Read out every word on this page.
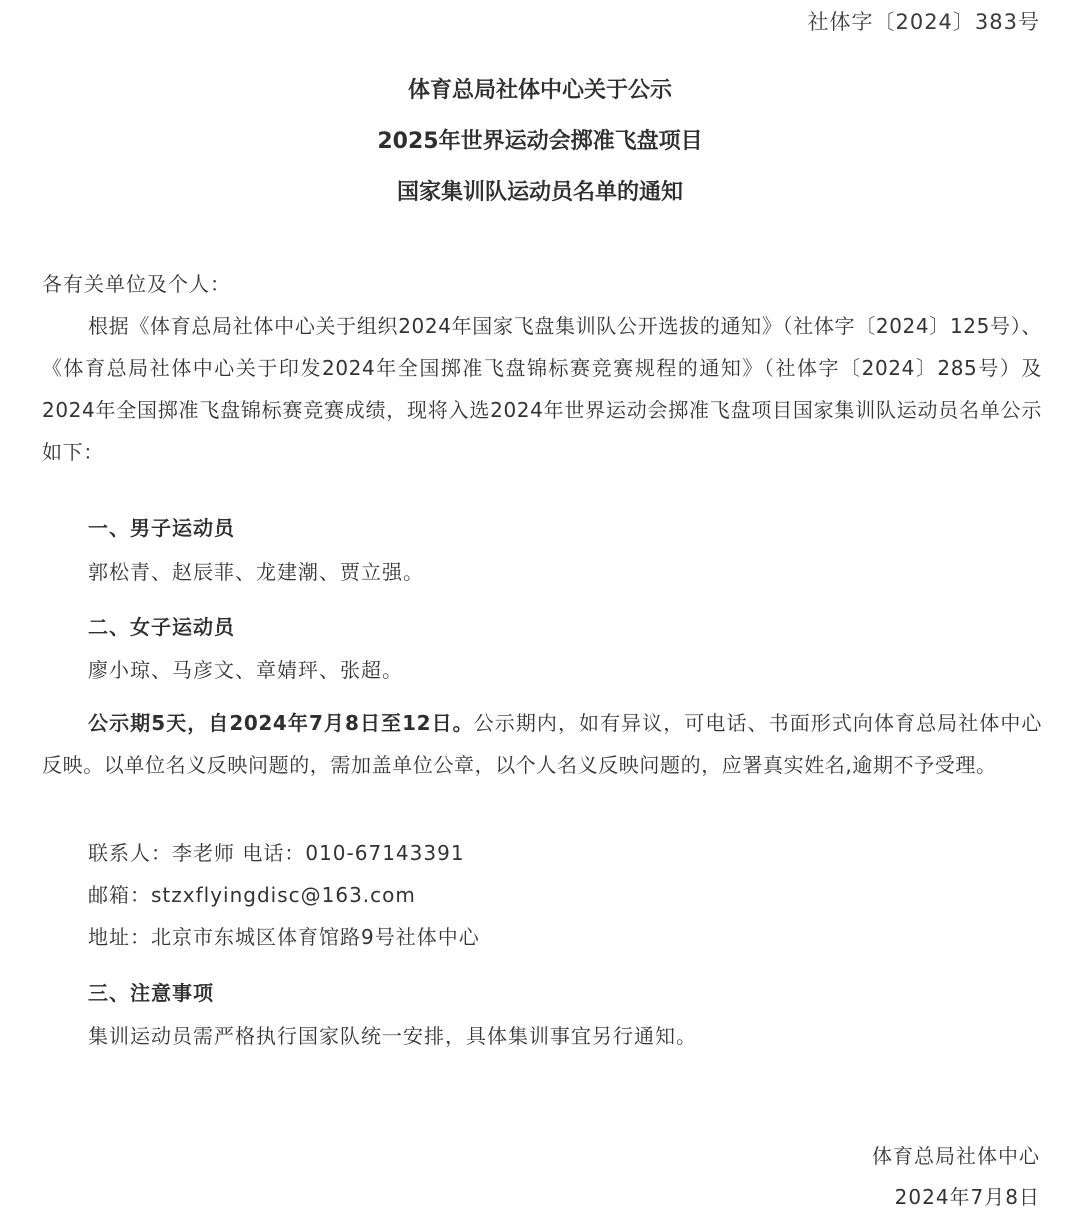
社体字〔2024〕383号
体育总局社体中心关于公示
2025年世界运动会掷准飞盘项目
国家集训队运动员名单的通知
各有关单位及个人：
根据《体育总局社体中心关于组织2024年国家飞盘集训队公开选拔的通知》（社体字〔2024〕125号）、《体育总局社体中心关于印发2024年全国掷准飞盘锦标赛竞赛规程的通知》（社体字〔2024〕285号）及2024年全国掷准飞盘锦标赛竞赛成绩，现将入选2024年世界运动会掷准飞盘项目国家集训队运动员名单公示如下：
一、男子运动员
郭松青、赵辰菲、龙建潮、贾立强。
二、女子运动员
廖小琼、马彦文、章婧玶、张超。
公示期5天，自2024年7月8日至12日。公示期内，如有异议，可电话、书面形式向体育总局社体中心反映。以单位名义反映问题的，需加盖单位公章，以个人名义反映问题的，应署真实姓名,逾期不予受理。
联系人：李老师 电话：010-67143391
邮箱：stzxflyingdisc@163.com
地址：北京市东城区体育馆路9号社体中心
三、注意事项
集训运动员需严格执行国家队统一安排，具体集训事宜另行通知。
体育总局社体中心
2024年7月8日
